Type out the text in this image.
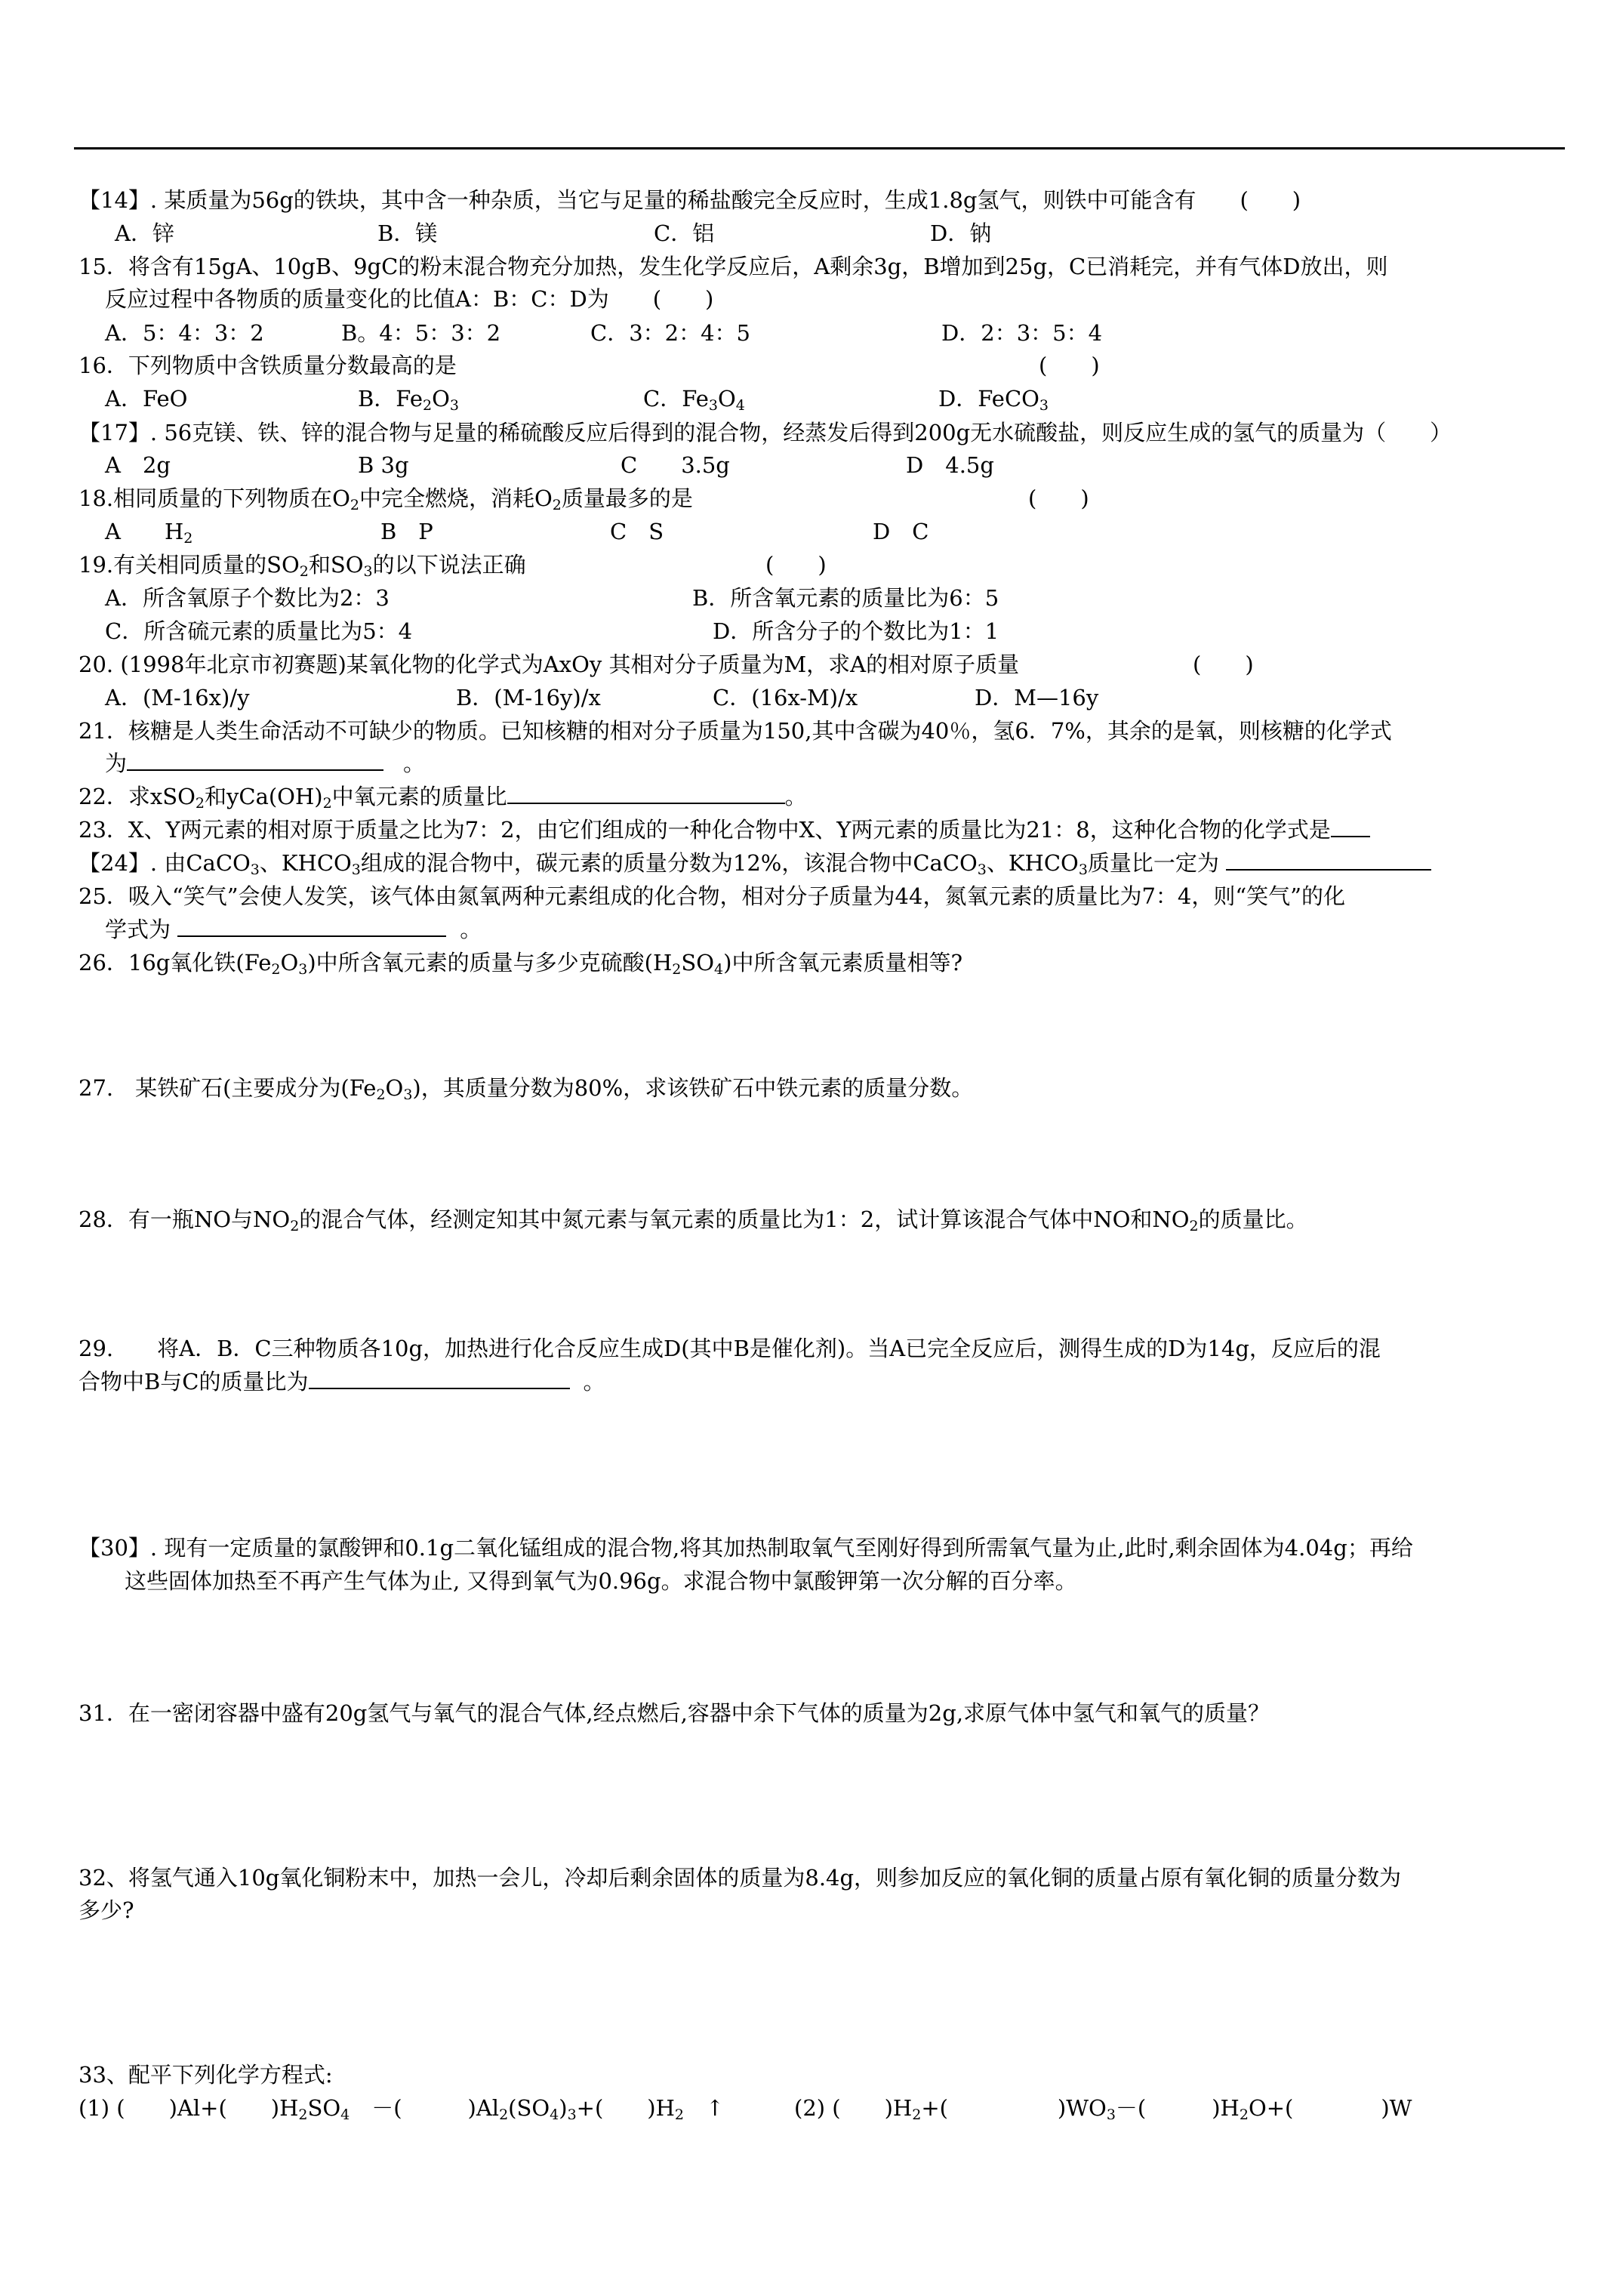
【14】. 某质量为56g的铁块，其中含一种杂质，当它与足量的稀盐酸完全反应时，生成1.8g氢气，则铁中可能含有　　(　　)
A．锌	B．镁	C．铝	D．钠
15．将含有15gA、10gB、9gC的粉末混合物充分加热，发生化学反应后，A剩余3g，B增加到25g，C已消耗完，并有气体D放出，则
反应过程中各物质的质量变化的比值A：B：C：D为　　(　　)
A．5：4：3：2	B。4：5：3：2	C．3：2：4：5	D．2：3：5：4
16．下列物质中含铁质量分数最高的是	(　　)
A．FeO	B．$Fe_2O_3$	C．$Fe_3O_4$	D．FeCO$_3$
【17】. 56克镁、铁、锌的混合物与足量的稀硫酸反应后得到的混合物，经蒸发后得到200g无水硫酸盐，则反应生成的氢气的质量为（　　）
A　2g	B 3g	C　　3.5g	D　4.5g
18.相同质量的下列物质在$O_2$中完全燃烧，消耗$O_2$质量最多的是	(　　)
A　　$H_2$	B　P	C　S	D　C
19.有关相同质量的$SO_2$和$SO_3$的以下说法正确	(　　)
A．所含氧原子个数比为2：3	B．所含氧元素的质量比为6：5
C．所含硫元素的质量比为5：4	D．所含分子的个数比为1：1
20. (1998年北京市初赛题)某氧化物的化学式为AxOy 其相对分子质量为M，求A的相对原子质量	(　　)
A．(M-16x)/y	B．(M-16y)/x	C．(16x-M)/x	D．M—16y
21．核糖是人类生命活动不可缺少的物质。已知核糖的相对分子质量为150,其中含碳为40％，氢6．7%，其余的是氧，则核糖的化学式
为	。
22．求xSO$_2$和$yCa(OH)_2$中氧元素的质量比	。
23．X、Y两元素的相对原于质量之比为7：2，由它们组成的一种化合物中X、Y两元素的质量比为21：8，这种化合物的化学式是
【24】. 由CaCO$_3$、$KHCO_3$组成的混合物中，碳元素的质量分数为12%，该混合物中CaCO$_3$、$KHCO_3$质量比一定为
25．吸入“笑气”会使人发笑，该气体由氮氧两种元素组成的化合物，相对分子质量为44，氮氧元素的质量比为7：4，则“笑气”的化
学式为	。
26．16g氧化铁$(Fe_2O_3)$中所含氧元素的质量与多少克硫酸$(H_2SO_4)$中所含氧元素质量相等?
27.　某铁矿石(主要成分为$(Fe_2O_3)$，其质量分数为80%，求该铁矿石中铁元素的质量分数。
28．有一瓶NO与$NO_2$的混合气体，经测定知其中氮元素与氧元素的质量比为1：2，试计算该混合气体中NO和$NO_2$的质量比。
29.　　将A．B．C三种物质各10g，加热进行化合反应生成D(其中B是催化剂)。当A已完全反应后，测得生成的D为14g，反应后的混
合物中B与C的质量比为	。
【30】. 现有一定质量的氯酸钾和0.1g二氧化锰组成的混合物,将其加热制取氧气至刚好得到所需氧气量为止,此时,剩余固体为4.04g；再给
这些固体加热至不再产生气体为止, 又得到氧气为0.96g。求混合物中氯酸钾第一次分解的百分率。
31．在一密闭容器中盛有20g氢气与氧气的混合气体,经点燃后,容器中余下气体的质量为2g,求原气体中氢气和氧气的质量？
32、将氢气通入10g氧化铜粉末中，加热一会儿，冷却后剩余固体的质量为8.4g，则参加反应的氧化铜的质量占原有氧化铜的质量分数为
多少?
33、配平下列化学方程式:
(1) (　　)Al+(　　)$H_2SO_4$　－(　　　)$Al_2(SO_4)_3+$(　　)$H_2$　↑	(2) (　　)$H_2+$(　　　　　)$WO_3-$(　　　)$H_2O+$(　　　　)W
